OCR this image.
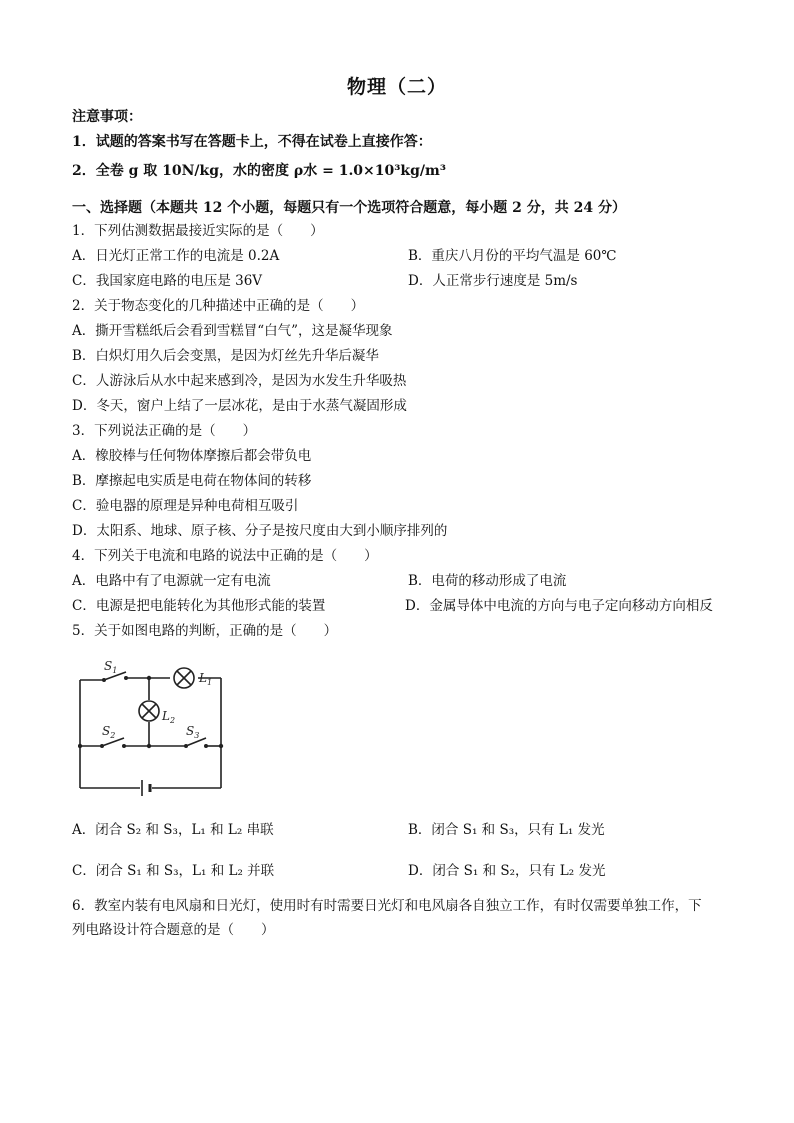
物理（二）
注意事项：
1．试题的答案书写在答题卡上，不得在试卷上直接作答：
2．全卷 g 取 10N/kg，水的密度 ρ水 = 1.0×10³kg/m³
一、选择题（本题共 12 个小题，每题只有一个选项符合题意，每小题 2 分，共 24 分）
1．下列估测数据最接近实际的是（　　）
A．日光灯正常工作的电流是 0.2A	B．重庆八月份的平均气温是 60℃
C．我国家庭电路的电压是 36V	D．人正常步行速度是 5m/s
2．关于物态变化的几种描述中正确的是（　　）
A．撕开雪糕纸后会看到雪糕冒“白气”，这是凝华现象
B．白炽灯用久后会变黑，是因为灯丝先升华后凝华
C．人游泳后从水中起来感到冷，是因为水发生升华吸热
D．冬天，窗户上结了一层冰花，是由于水蒸气凝固形成
3．下列说法正确的是（　　）
A．橡胶棒与任何物体摩擦后都会带负电
B．摩擦起电实质是电荷在物体间的转移
C．验电器的原理是异种电荷相互吸引
D．太阳系、地球、原子核、分子是按尺度由大到小顺序排列的
4．下列关于电流和电路的说法中正确的是（　　）
A．电路中有了电源就一定有电流	B．电荷的移动形成了电流
C．电源是把电能转化为其他形式能的装置	D．金属导体中电流的方向与电子定向移动方向相反
5．关于如图电路的判断，正确的是（　　）
$S_1$
$S_2$	$S_3$
$L_1$
$L_2$
A．闭合 S₂ 和 S₃，L₁ 和 L₂ 串联	B．闭合 S₁ 和 S₃，只有 L₁ 发光
C．闭合 S₁ 和 S₃，L₁ 和 L₂ 并联	D．闭合 S₁ 和 S₂，只有 L₂ 发光
6．教室内装有电风扇和日光灯，使用时有时需要日光灯和电风扇各自独立工作，有时仅需要单独工作，下
列电路设计符合题意的是（　　）
